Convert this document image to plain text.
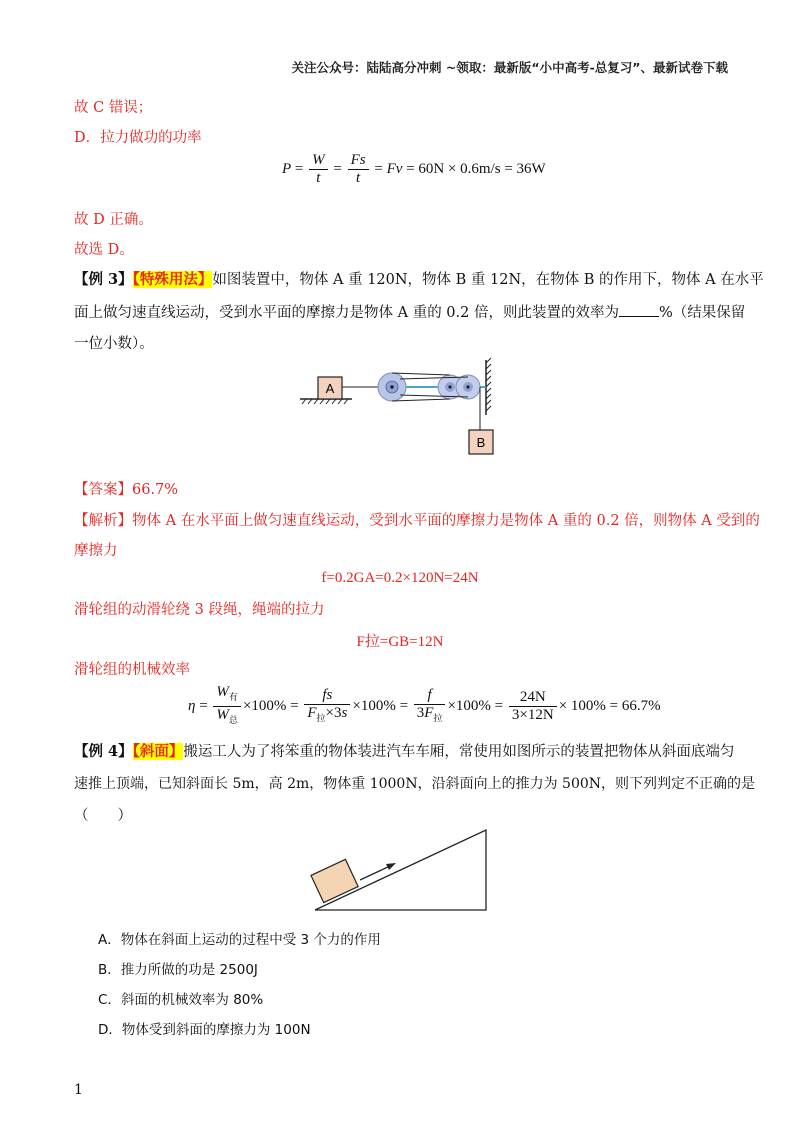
关注公众号：陆陆高分冲刺 ~领取：最新版“小中高考-总复习”、最新试卷下载
故 C 错误；
D．拉力做功的功率
$P = \frac{W}{t} = \frac{Fs}{t} = Fv = 60N \times 0.6m/s = 36W$
故 D 正确。
故选 D。
【例 3】【特殊用法】如图装置中，物体 A 重 120N，物体 B 重 12N，在物体 B 的作用下，物体 A 在水平
面上做匀速直线运动，受到水平面的摩擦力是物体 A 重的 0.2 倍，则此装置的效率为	%（结果保留
一位小数）。
A
B
【答案】66.7%
【解析】物体 A 在水平面上做匀速直线运动，受到水平面的摩擦力是物体 A 重的 0.2 倍，则物体 A 受到的
摩擦力
f=0.2GA=0.2×120N=24N
滑轮组的动滑轮绕 3 段绳，绳端的拉力
F拉=GB=12N
滑轮组的机械效率
$\eta = \frac{W_有}{W_总} \times 100\% = \frac{fs}{F_拉\times 3s} \times 100\% = \frac{f}{3F_拉} \times 100\% = \frac{24N}{3\times 12N} \times 100\% = 66.7\%$
【例 4】【斜面】搬运工人为了将笨重的物体装进汽车车厢，常使用如图所示的装置把物体从斜面底端匀
速推上顶端，已知斜面长 5m，高 2m，物体重 1000N，沿斜面向上的推力为 500N，则下列判定不正确的是
（　　）
A．物体在斜面上运动的过程中受 3 个力的作用
B．推力所做的功是 2500J
C．斜面的机械效率为 80%
D．物体受到斜面的摩擦力为 100N
1
